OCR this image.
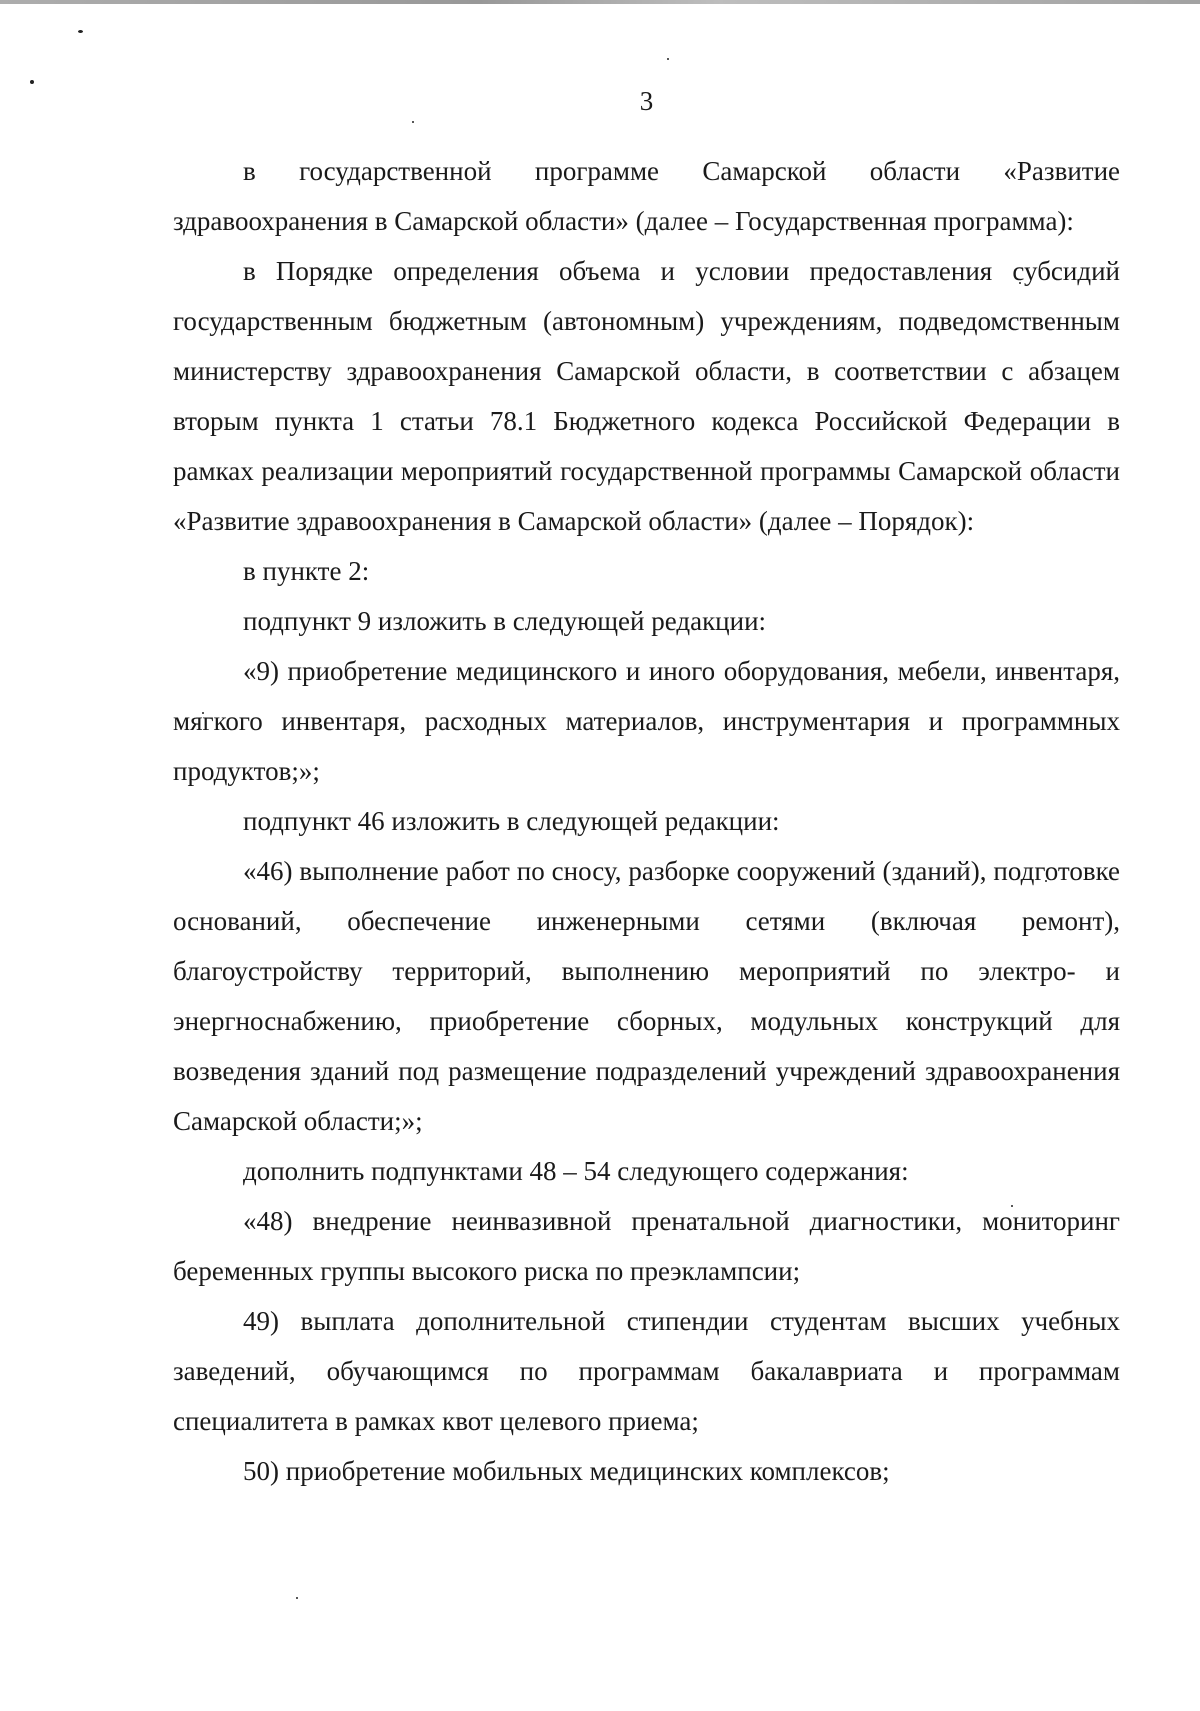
3

в государственной программе Самарской области «Развитие здравоохранения в Самарской области» (далее – Государственная программа):

в Порядке определения объема и условии предоставления субсидий государственным бюджетным (автономным) учреждениям, подведомственным министерству здравоохранения Самарской области, в соответствии с абзацем вторым пункта 1 статьи 78.1 Бюджетного кодекса Российской Федерации в рамках реализации мероприятий государственной программы Самарской области «Развитие здравоохранения в Самарской области» (далее – Порядок):

в пункте 2:

подпункт 9 изложить в следующей редакции:

«9) приобретение медицинского и иного оборудования, мебели, инвентаря, мягкого инвентаря, расходных материалов, инструментария и программных продуктов;»;

подпункт 46 изложить в следующей редакции:

«46) выполнение работ по сносу, разборке сооружений (зданий), подготовке оснований, обеспечение инженерными сетями (включая ремонт), благоустройству территорий, выполнению мероприятий по электро- и энергноснабжению, приобретение сборных, модульных конструкций для возведения зданий под размещение подразделений учреждений здравоохранения Самарской области;»;

дополнить подпунктами 48 – 54 следующего содержания:

«48) внедрение неинвазивной пренатальной диагностики, мониторинг беременных группы высокого риска по преэклампсии;

49) выплата дополнительной стипендии студентам высших учебных заведений, обучающимся по программам бакалавриата и программам специалитета в рамках квот целевого приема;

50) приобретение мобильных медицинских комплексов;
